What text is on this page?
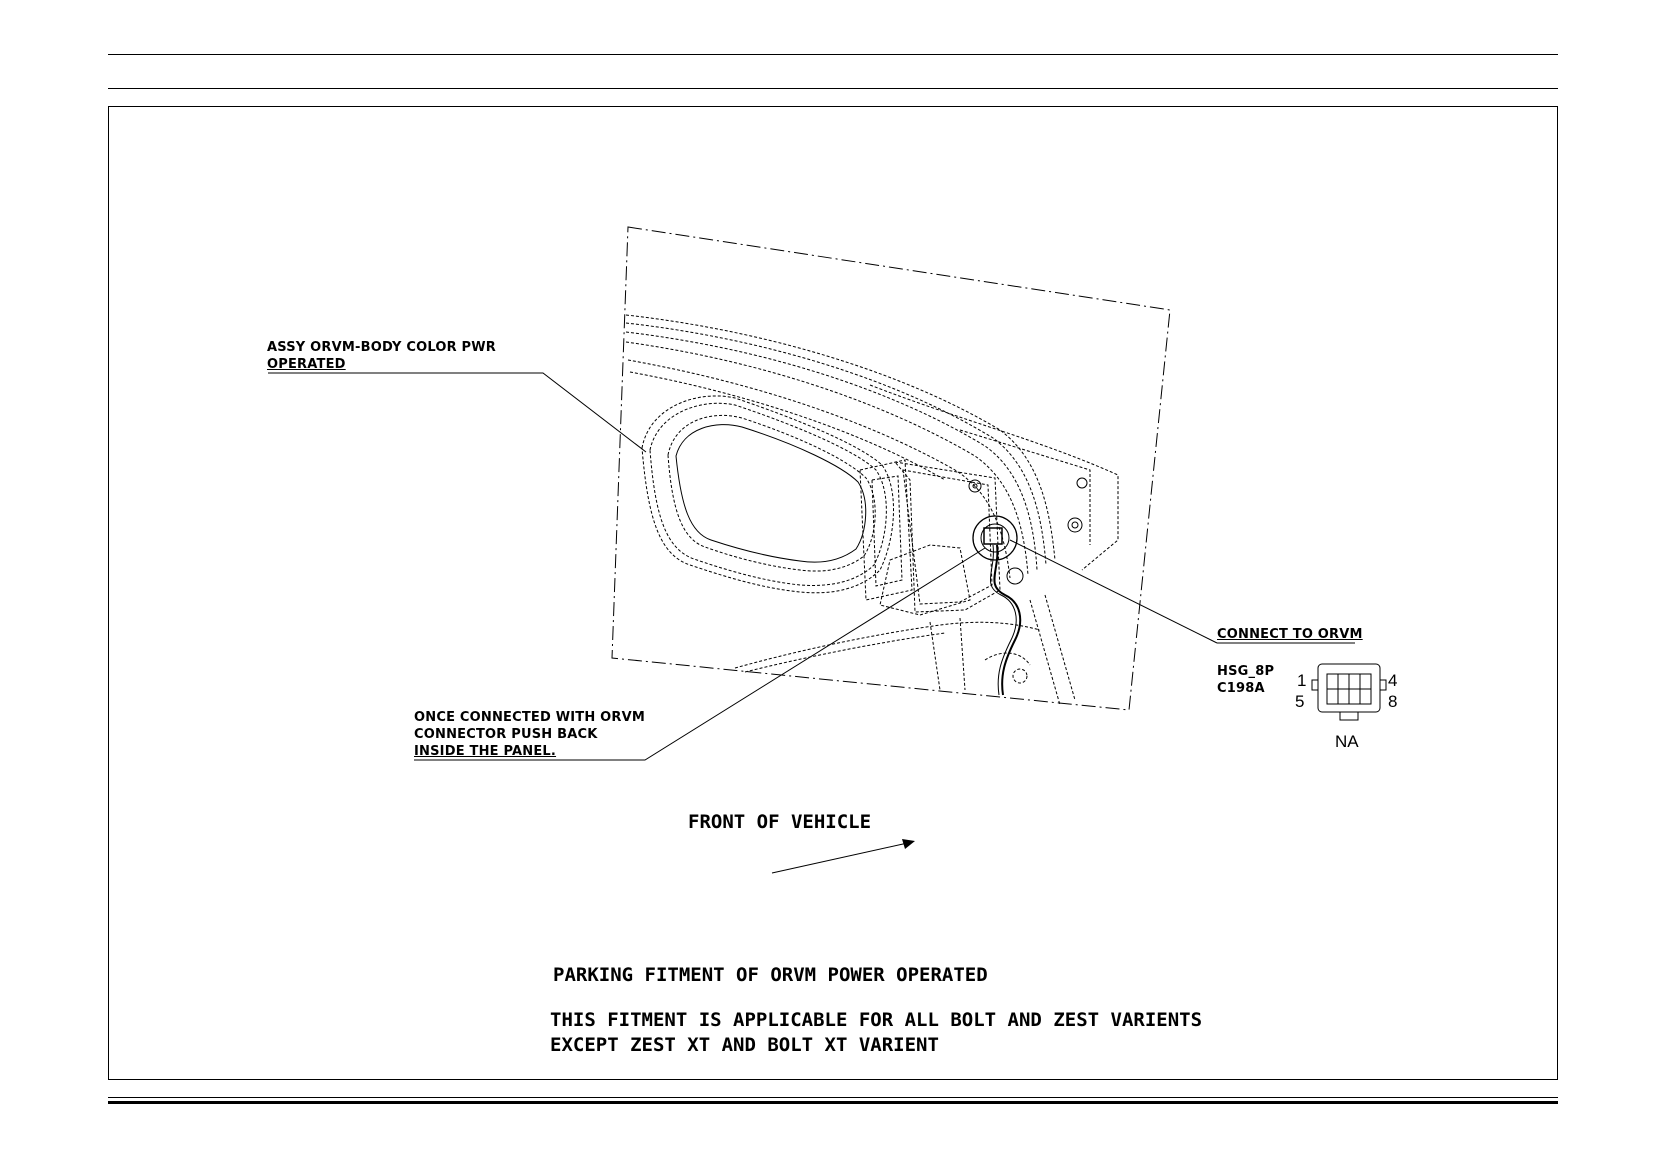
ASSY ORVM-BODY COLOR PWR
OPERATED
CONNECT TO ORVM
HSG_8P
C198A 1
5
4
8
NA
ONCE CONNECTED WITH ORVM
CONNECTOR PUSH BACK
INSIDE THE PANEL.
FRONT OF VEHICLE
PARKING FITMENT OF ORVM POWER OPERATED
THIS FITMENT IS APPLICABLE FOR ALL BOLT AND ZEST VARIENTS
EXCEPT ZEST XT AND BOLT XT VARIENT
